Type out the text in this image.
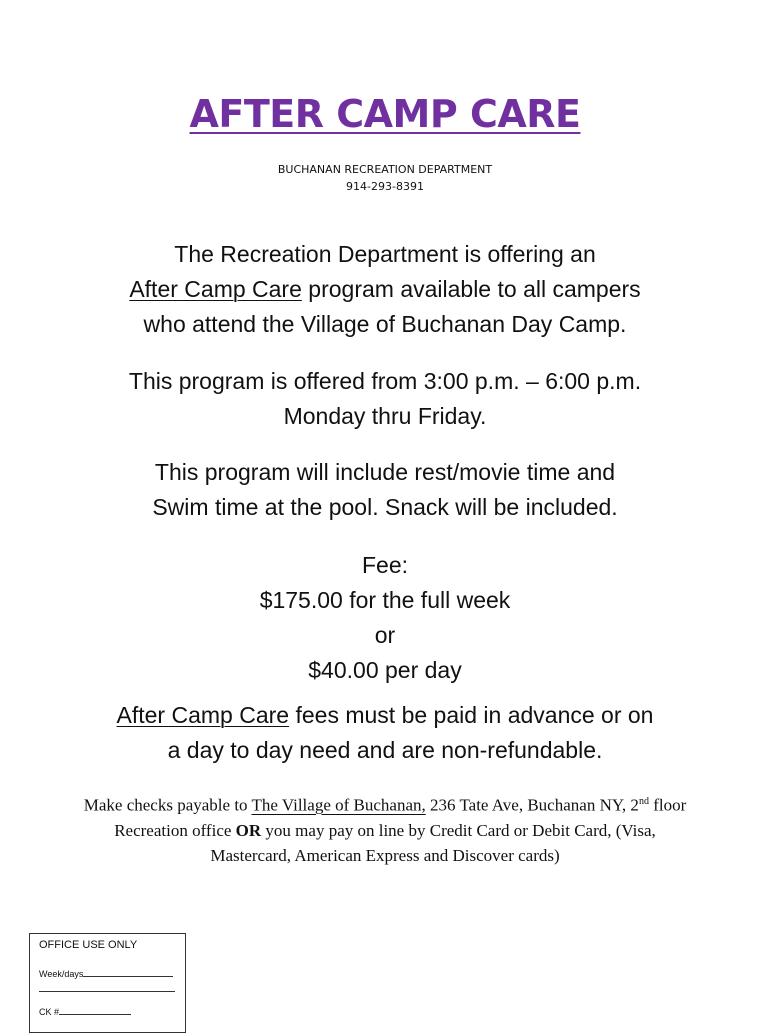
AFTER CAMP CARE
BUCHANAN RECREATION DEPARTMENT
914-293-8391
The Recreation Department is offering an
After Camp Care program available to all campers
who attend the Village of Buchanan Day Camp.
This program is offered from 3:00 p.m. – 6:00 p.m.
Monday thru Friday.
This program will include rest/movie time and
Swim time at the pool. Snack will be included.
Fee:
$175.00 for the full week
or
$40.00 per day
After Camp Care fees must be paid in advance or on
a day to day need and are non-refundable.
Make checks payable to The Village of Buchanan, 236 Tate Ave, Buchanan NY, 2nd floor Recreation office OR you may pay on line by Credit Card or Debit Card, (Visa, Mastercard, American Express and Discover cards)
OFFICE USE ONLY
Week/days
CK #
